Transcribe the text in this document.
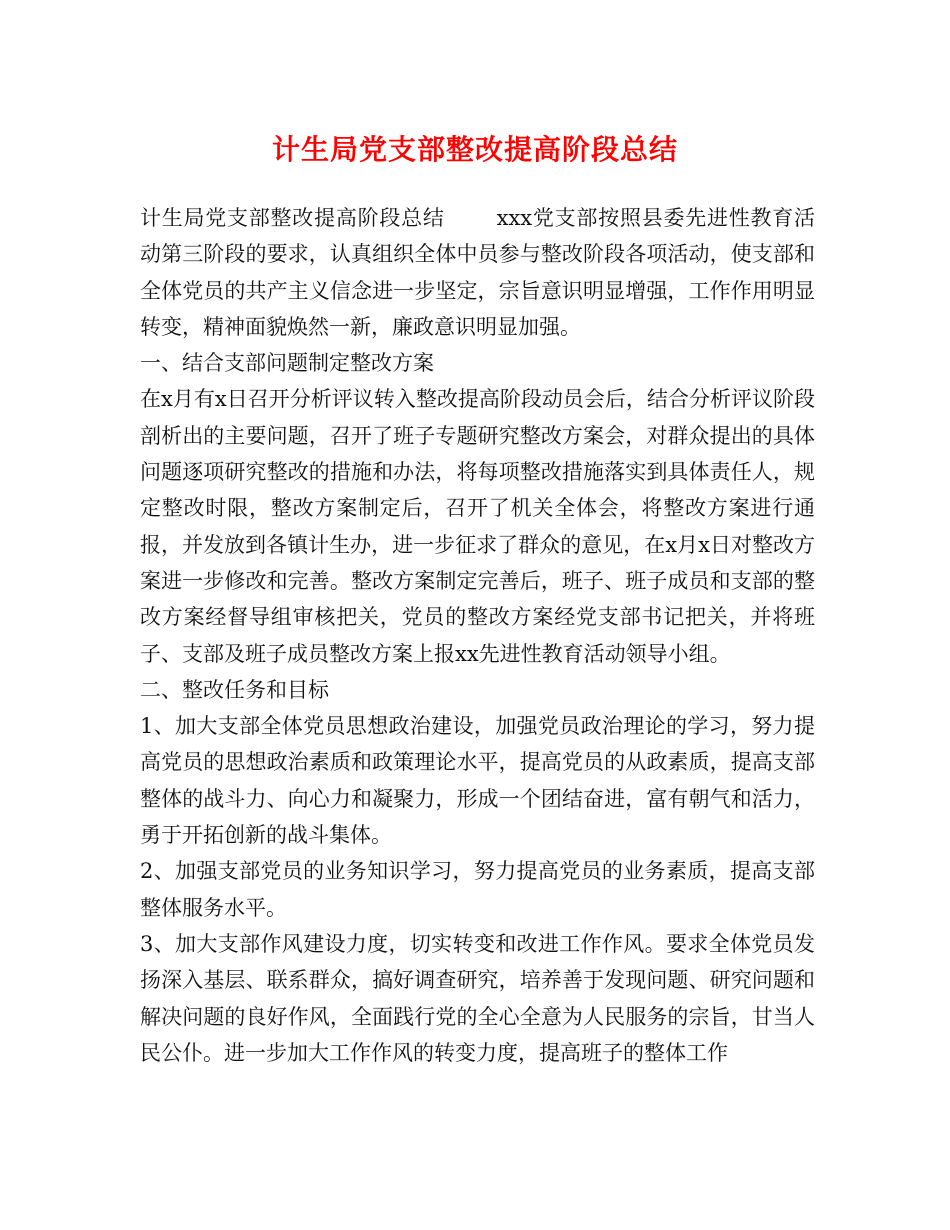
计生局党支部整改提高阶段总结

计生局党支部整改提高阶段总结 xxx党支部按照县委先进性教育活动第三阶段的要求，认真组织全体中员参与整改阶段各项活动，使支部和全体党员的共产主义信念进一步坚定，宗旨意识明显增强，工作作用明显转变，精神面貌焕然一新，廉政意识明显加强。

一、结合支部问题制定整改方案

在x月有x日召开分析评议转入整改提高阶段动员会后，结合分析评议阶段剖析出的主要问题，召开了班子专题研究整改方案会，对群众提出的具体问题逐项研究整改的措施和办法，将每项整改措施落实到具体责任人，规定整改时限，整改方案制定后，召开了机关全体会，将整改方案进行通报，并发放到各镇计生办，进一步征求了群众的意见，在x月x日对整改方案进一步修改和完善。整改方案制定完善后，班子、班子成员和支部的整改方案经督导组审核把关，党员的整改方案经党支部书记把关，并将班子、支部及班子成员整改方案上报xx先进性教育活动领导小组。

二、整改任务和目标

1、加大支部全体党员思想政治建设，加强党员政治理论的学习，努力提高党员的思想政治素质和政策理论水平，提高党员的从政素质，提高支部整体的战斗力、向心力和凝聚力，形成一个团结奋进，富有朝气和活力，勇于开拓创新的战斗集体。

2、加强支部党员的业务知识学习，努力提高党员的业务素质，提高支部整体服务水平。

3、加大支部作风建设力度，切实转变和改进工作作风。要求全体党员发扬深入基层、联系群众，搞好调查研究，培养善于发现问题、研究问题和解决问题的良好作风，全面践行党的全心全意为人民服务的宗旨，甘当人民公仆。进一步加大工作作风的转变力度，提高班子的整体工作
